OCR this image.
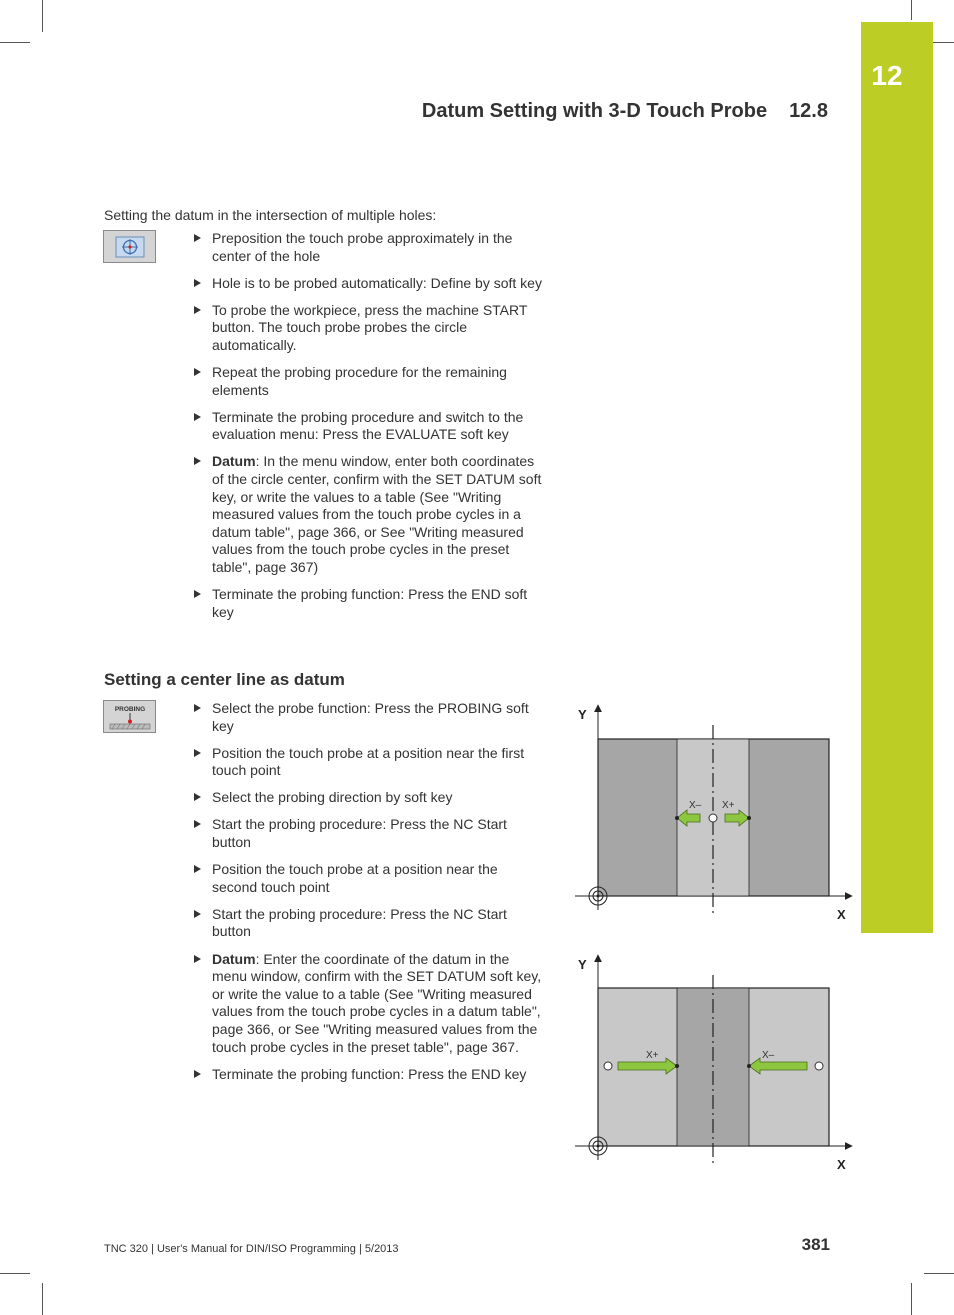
12
Datum Setting with 3-D Touch Probe 12.8
Setting the datum in the intersection of multiple holes:
Preposition the touch probe approximately in the center of the hole
Hole is to be probed automatically: Define by soft key
To probe the workpiece, press the machine START button. The touch probe probes the circle automatically.
Repeat the probing procedure for the remaining elements
Terminate the probing procedure and switch to the evaluation menu: Press the EVALUATE soft key
Datum: In the menu window, enter both coordinates of the circle center, confirm with the SET DATUM soft key, or write the values to a table (See "Writing measured values from the touch probe cycles in a datum table", page 366, or See "Writing measured values from the touch probe cycles in the preset table", page 367)
Terminate the probing function: Press the END soft key
Setting a center line as datum
PROBING	Select the probe function: Press the PROBING soft key
Position the touch probe at a position near the first touch point
Select the probing direction by soft key
Start the probing procedure: Press the NC Start button
Position the touch probe at a position near the second touch point
Start the probing procedure: Press the NC Start button
Datum: Enter the coordinate of the datum in the menu window, confirm with the SET DATUM soft key, or write the value to a table (See "Writing measured values from the touch probe cycles in a datum table", page 366, or See "Writing measured values from the touch probe cycles in the preset table", page 367.
Terminate the probing function: Press the END key
X– X+
Y
X
X+	X–
Y
X
TNC 320 | User's Manual for DIN/ISO Programming | 5/2013	381
